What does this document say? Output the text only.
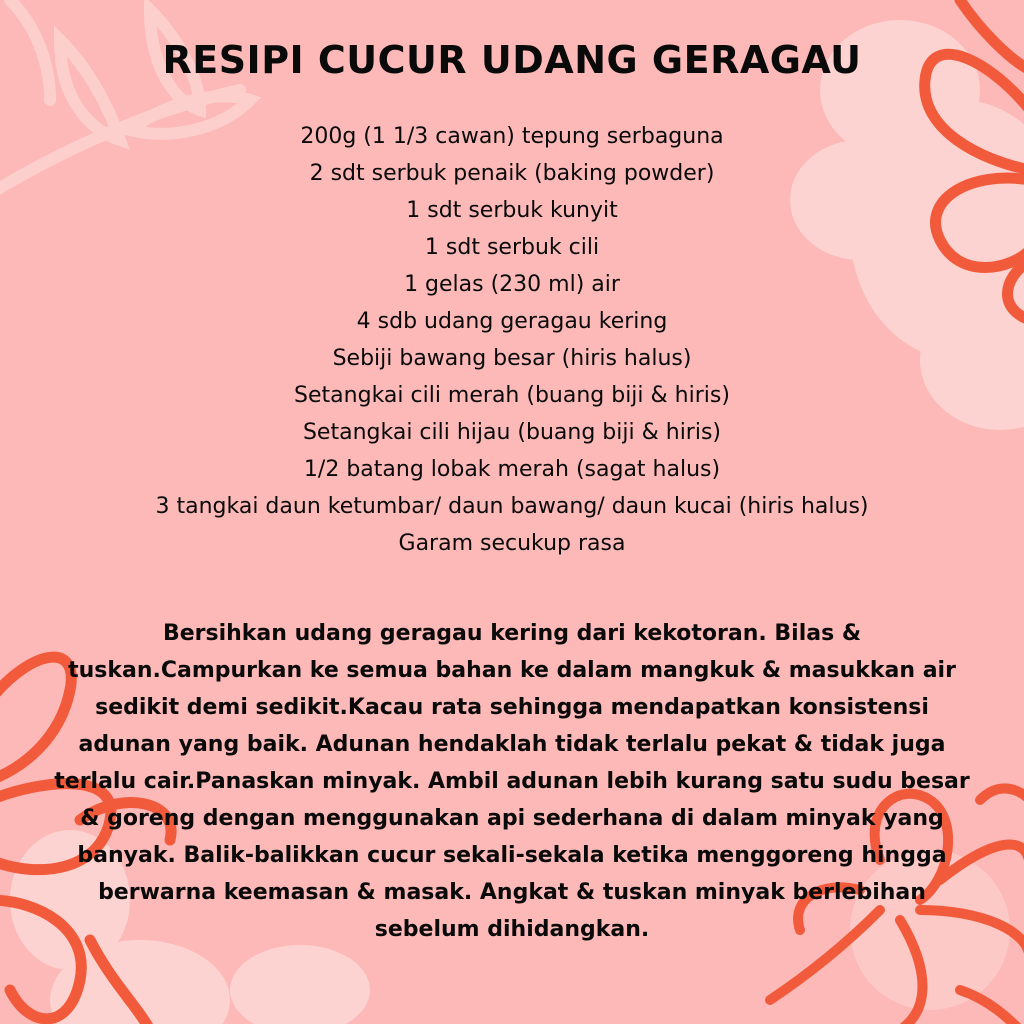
RESIPI CUCUR UDANG GERAGAU
200g (1 1/3 cawan) tepung serbaguna
2 sdt serbuk penaik (baking powder)
1 sdt serbuk kunyit
1 sdt serbuk cili
1 gelas (230 ml) air
4 sdb udang geragau kering
Sebiji bawang besar (hiris halus)
Setangkai cili merah (buang biji & hiris)
Setangkai cili hijau (buang biji & hiris)
1/2 batang lobak merah (sagat halus)
3 tangkai daun ketumbar/ daun bawang/ daun kucai (hiris halus)
Garam secukup rasa

Bersihkan udang geragau kering dari kekotoran. Bilas & tuskan.Campurkan ke semua bahan ke dalam mangkuk & masukkan air sedikit demi sedikit.Kacau rata sehingga mendapatkan konsistensi adunan yang baik. Adunan hendaklah tidak terlalu pekat & tidak juga terlalu cair.Panaskan minyak. Ambil adunan lebih kurang satu sudu besar & goreng dengan menggunakan api sederhana di dalam minyak yang banyak. Balik-balikkan cucur sekali-sekala ketika menggoreng hingga berwarna keemasan & masak. Angkat & tuskan minyak berlebihan sebelum dihidangkan.
